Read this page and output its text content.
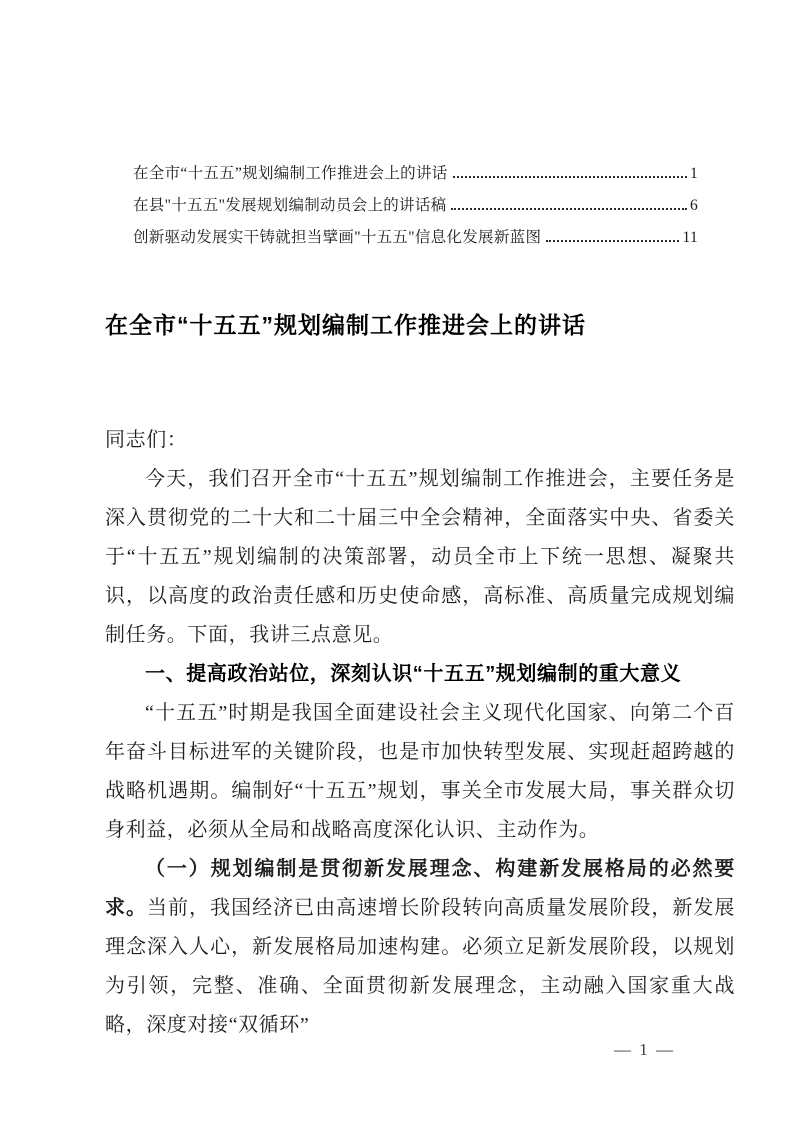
在全市“十五五”规划编制工作推进会上的讲话	1
在县"十五五"发展规划编制动员会上的讲话稿	6
创新驱动发展实干铸就担当擘画"十五五"信息化发展新蓝图	11
在全市“十五五”规划编制工作推进会上的讲话

同志们：

今天，我们召开全市“十五五”规划编制工作推进会，主要任务是深入贯彻党的二十大和二十届三中全会精神，全面落实中央、省委关于“十五五”规划编制的决策部署，动员全市上下统一思想、凝聚共识，以高度的政治责任感和历史使命感，高标准、高质量完成规划编制任务。下面，我讲三点意见。

一、提高政治站位，深刻认识“十五五”规划编制的重大意义

“十五五”时期是我国全面建设社会主义现代化国家、向第二个百年奋斗目标进军的关键阶段，也是市加快转型发展、实现赶超跨越的战略机遇期。编制好“十五五”规划，事关全市发展大局，事关群众切身利益，必须从全局和战略高度深化认识、主动作为。

（一）规划编制是贯彻新发展理念、构建新发展格局的必然要求。当前，我国经济已由高速增长阶段转向高质量发展阶段，新发展理念深入人心，新发展格局加速构建。必须立足新发展阶段，以规划为引领，完整、准确、全面贯彻新发展理念，主动融入国家重大战略，深度对接“双循环”

— 1 —
